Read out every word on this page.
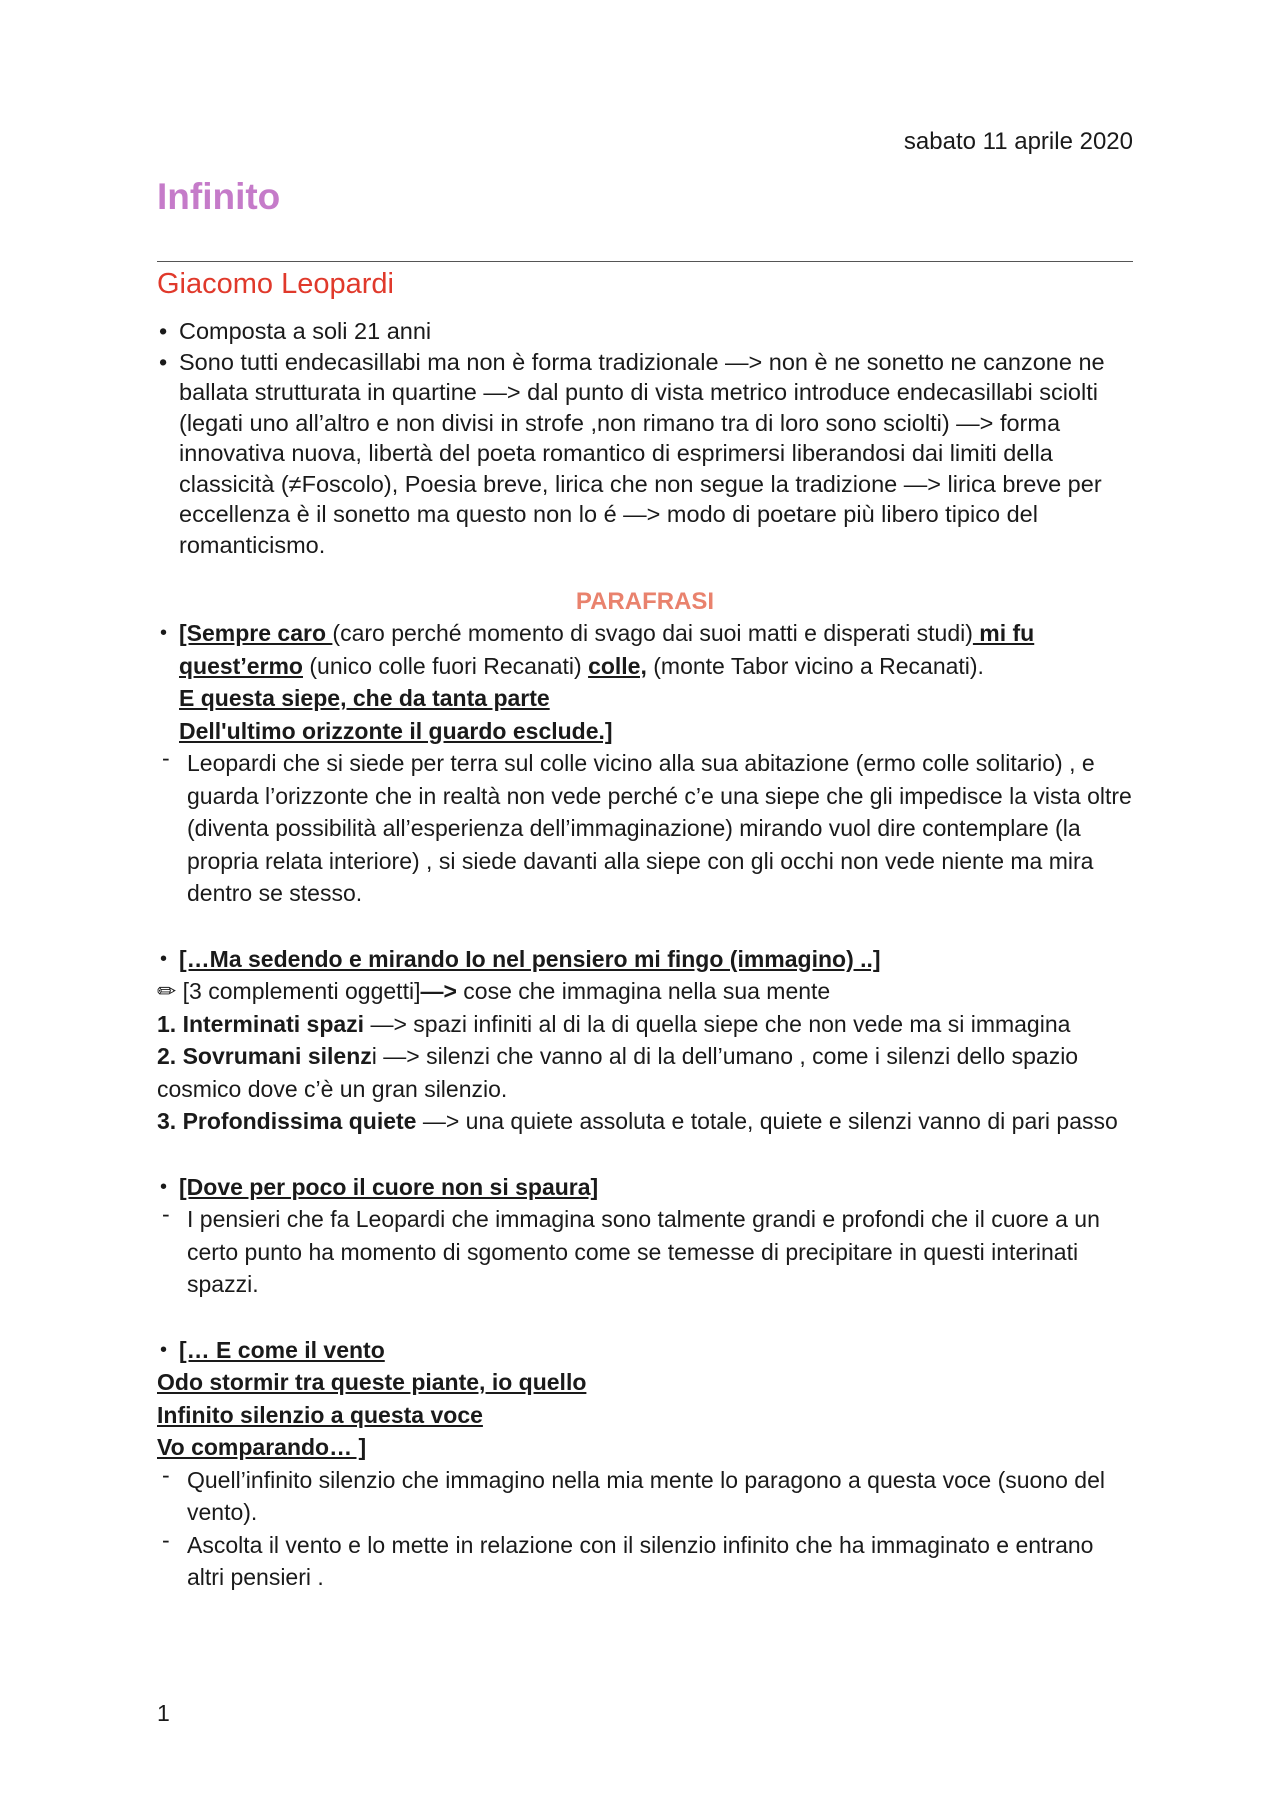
sabato 11 aprile 2020
Infinito
Giacomo Leopardi
• Composta a soli 21 anni
• Sono tutti endecasillabi ma non è forma tradizionale —> non è ne sonetto ne canzone ne ballata strutturata in quartine —> dal punto di vista metrico introduce endecasillabi sciolti (legati uno all’altro e non divisi in strofe ,non rimano tra di loro sono sciolti) —> forma innovativa nuova, libertà del poeta romantico di esprimersi liberandosi dai limiti della classicità (≠Foscolo), Poesia breve, lirica che non segue la tradizione —> lirica breve per eccellenza è il sonetto ma questo non lo é —> modo di poetare più libero tipico del romanticismo.
PARAFRASI
• [Sempre caro (caro perché momento di svago dai suoi matti e disperati studi) mi fu quest’ermo (unico colle fuori Recanati) colle, (monte Tabor vicino a Recanati).
E questa siepe, che da tanta parte
Dell'ultimo orizzonte il guardo esclude.]
- Leopardi che si siede per terra sul colle vicino alla sua abitazione (ermo colle solitario) , e guarda l’orizzonte che in realtà non vede perché c’e una siepe che gli impedisce la vista oltre (diventa possibilità all’esperienza dell’immaginazione) mirando vuol dire contemplare (la propria relata interiore) , si siede davanti alla siepe con gli occhi non vede niente ma mira dentro se stesso.
• […Ma sedendo e mirando Io nel pensiero mi fingo (immagino) ..]
✏ [3 complementi oggetti]—> cose che immagina nella sua mente
1. Interminati spazi —> spazi infiniti al di la di quella siepe che non vede ma si immagina
2. Sovrumani silenzi —> silenzi che vanno al di la dell’umano , come i silenzi dello spazio cosmico dove c’è un gran silenzio.
3. Profondissima quiete —> una quiete assoluta e totale, quiete e silenzi vanno di pari passo
• [Dove per poco il cuore non si spaura]
- I pensieri che fa Leopardi che immagina sono talmente grandi e profondi che il cuore a un certo punto ha momento di sgomento come se temesse di precipitare in questi interinati spazzi.
• [… E come il vento
Odo stormir tra queste piante, io quello
Infinito silenzio a questa voce
Vo comparando… ]
- Quell’infinito silenzio che immagino nella mia mente lo paragono a questa voce (suono del vento).
- Ascolta il vento e lo mette in relazione con il silenzio infinito che ha immaginato e entrano altri pensieri .
1
